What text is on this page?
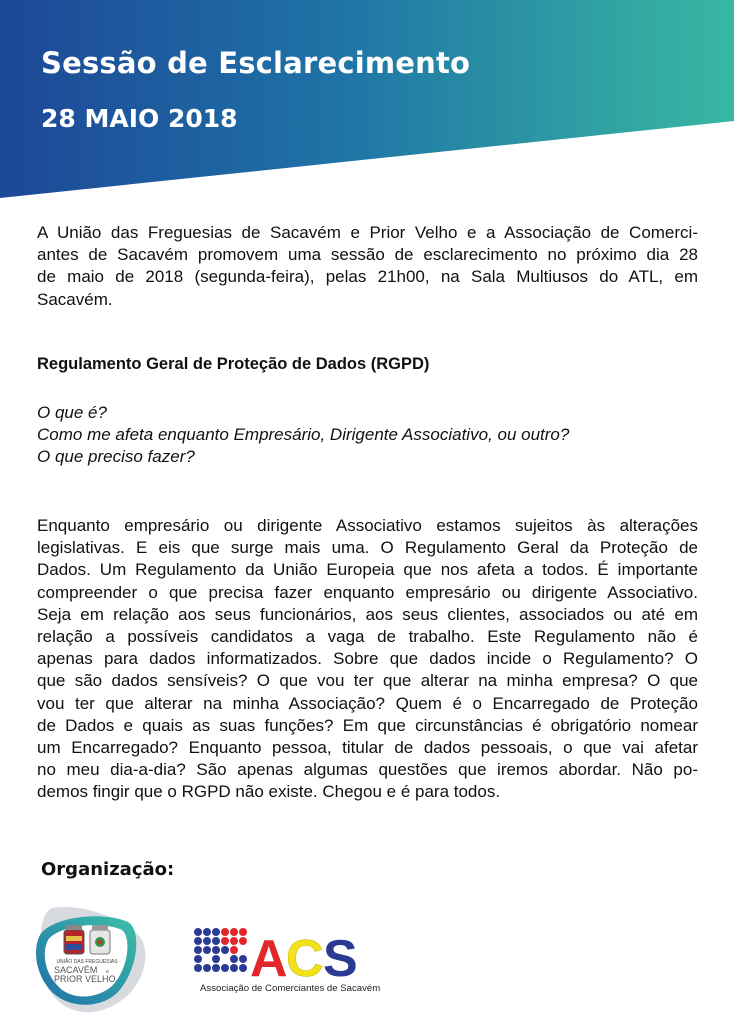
Sessão de Esclarecimento
28 MAIO 2018
A União das Freguesias de Sacavém e Prior Velho e a Associação de Comerci-
antes de Sacavém promovem uma sessão de esclarecimento no próximo dia 28
de maio de 2018 (segunda-feira), pelas 21h00, na Sala Multiusos do ATL, em
Sacavém.
Regulamento Geral de Proteção de Dados (RGPD)
O que é?
Como me afeta enquanto Empresário, Dirigente Associativo, ou outro?
O que preciso fazer?
Enquanto empresário ou dirigente Associativo estamos sujeitos às alterações
legislativas. E eis que surge mais uma. O Regulamento Geral da Proteção de
Dados. Um Regulamento da União Europeia que nos afeta a todos. É importante
compreender o que precisa fazer enquanto empresário ou dirigente Associativo.
Seja em relação aos seus funcionários, aos seus clientes, associados ou até em
relação a possíveis candidatos a vaga de trabalho. Este Regulamento não é
apenas para dados informatizados. Sobre que dados incide o Regulamento? O
que são dados sensíveis? O que vou ter que alterar na minha empresa? O que
vou ter que alterar na minha Associação? Quem é o Encarregado de Proteção
de Dados e quais as suas funções? Em que circunstâncias é obrigatório nomear
um Encarregado? Enquanto pessoa, titular de dados pessoais, o que vai afetar
no meu dia-a-dia? São apenas algumas questões que iremos abordar. Não po-
demos fingir que o RGPD não existe. Chegou e é para todos.
Organização:
UNIÃO DAS FREGUESIAS
SACAVÉM e
PRIOR VELHO	A
C S
Associação de Comerciantes de Sacavém
